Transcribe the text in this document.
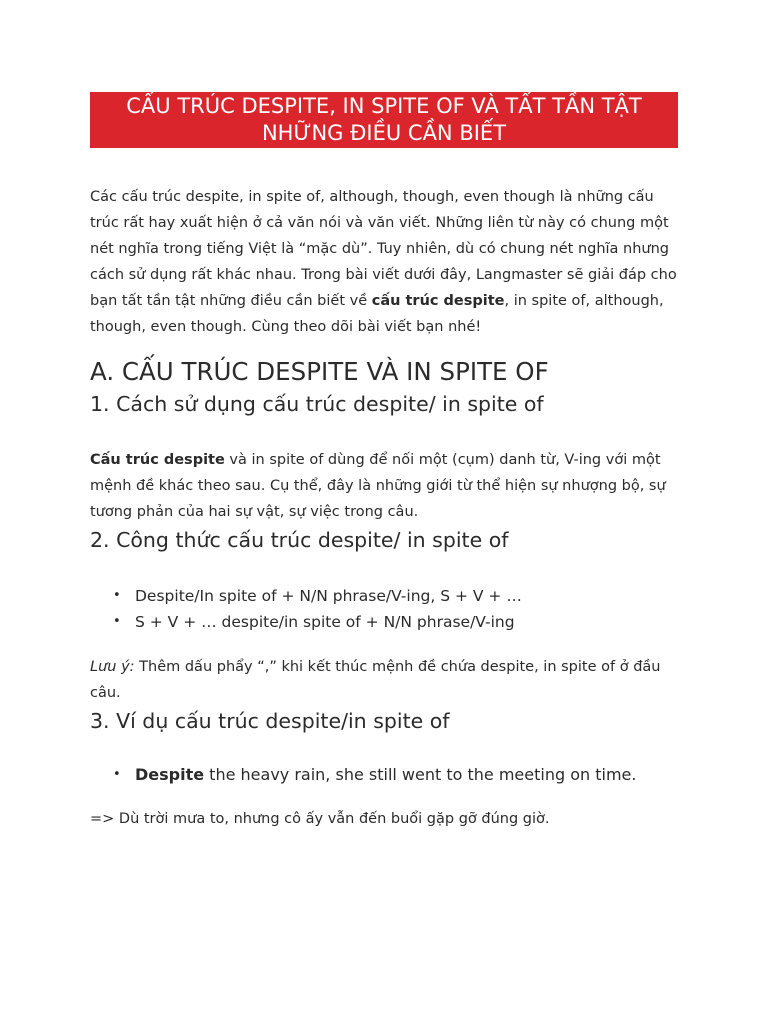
CẤU TRÚC DESPITE, IN SPITE OF VÀ TẤT TẦN TẬT
NHỮNG ĐIỀU CẦN BIẾT

Các cấu trúc despite, in spite of, although, though, even though là những cấu trúc rất hay xuất hiện ở cả văn nói và văn viết. Những liên từ này có chung một nét nghĩa trong tiếng Việt là “mặc dù”. Tuy nhiên, dù có chung nét nghĩa nhưng cách sử dụng rất khác nhau. Trong bài viết dưới đây, Langmaster sẽ giải đáp cho bạn tất tần tật những điều cần biết về cấu trúc despite, in spite of, although, though, even though. Cùng theo dõi bài viết bạn nhé!

A. CẤU TRÚC DESPITE VÀ IN SPITE OF
1. Cách sử dụng cấu trúc despite/ in spite of

Cấu trúc despite và in spite of dùng để nối một (cụm) danh từ, V-ing với một mệnh đề khác theo sau. Cụ thể, đây là những giới từ thể hiện sự nhượng bộ, sự tương phản của hai sự vật, sự việc trong câu.

2. Công thức cấu trúc despite/ in spite of
• Despite/In spite of + N/N phrase/V-ing, S + V + …
• S + V + … despite/in spite of + N/N phrase/V-ing

Lưu ý: Thêm dấu phẩy “,” khi kết thúc mệnh đề chứa despite, in spite of ở đầu câu.

3. Ví dụ cấu trúc despite/in spite of
• Despite the heavy rain, she still went to the meeting on time.

=> Dù trời mưa to, nhưng cô ấy vẫn đến buổi gặp gỡ đúng giờ.
